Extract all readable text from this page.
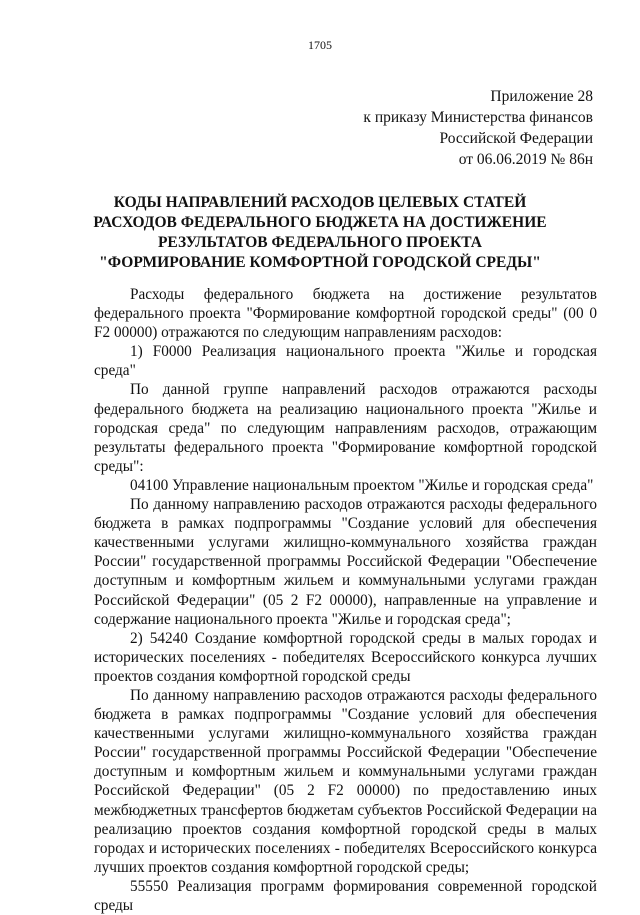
1705
Приложение 28
к приказу Министерства финансов
Российской Федерации
от 06.06.2019 № 86н
КОДЫ НАПРАВЛЕНИЙ РАСХОДОВ ЦЕЛЕВЫХ СТАТЕЙ
РАСХОДОВ ФЕДЕРАЛЬНОГО БЮДЖЕТА НА ДОСТИЖЕНИЕ
РЕЗУЛЬТАТОВ ФЕДЕРАЛЬНОГО ПРОЕКТА
"ФОРМИРОВАНИЕ КОМФОРТНОЙ ГОРОДСКОЙ СРЕДЫ"

Расходы федерального бюджета на достижение результатов федерального проекта "Формирование комфортной городской среды" (00 0 F2 00000) отражаются по следующим направлениям расходов:

1) F0000 Реализация национального проекта "Жилье и городская среда"

По данной группе направлений расходов отражаются расходы федерального бюджета на реализацию национального проекта "Жилье и городская среда" по следующим направлениям расходов, отражающим результаты федерального проекта "Формирование комфортной городской среды":

04100 Управление национальным проектом "Жилье и городская среда"

По данному направлению расходов отражаются расходы федерального бюджета в рамках подпрограммы "Создание условий для обеспечения качественными услугами жилищно-коммунального хозяйства граждан России" государственной программы Российской Федерации "Обеспечение доступным и комфортным жильем и коммунальными услугами граждан Российской Федерации" (05 2 F2 00000), направленные на управление и содержание национального проекта "Жилье и городская среда";

2) 54240 Создание комфортной городской среды в малых городах и исторических поселениях - победителях Всероссийского конкурса лучших проектов создания комфортной городской среды

По данному направлению расходов отражаются расходы федерального бюджета в рамках подпрограммы "Создание условий для обеспечения качественными услугами жилищно-коммунального хозяйства граждан России" государственной программы Российской Федерации "Обеспечение доступным и комфортным жильем и коммунальными услугами граждан Российской Федерации" (05 2 F2 00000) по предоставлению иных межбюджетных трансфертов бюджетам субъектов Российской Федерации на реализацию проектов создания комфортной городской среды в малых городах и исторических поселениях - победителях Всероссийского конкурса лучших проектов создания комфортной городской среды;

55550 Реализация программ формирования современной городской среды
